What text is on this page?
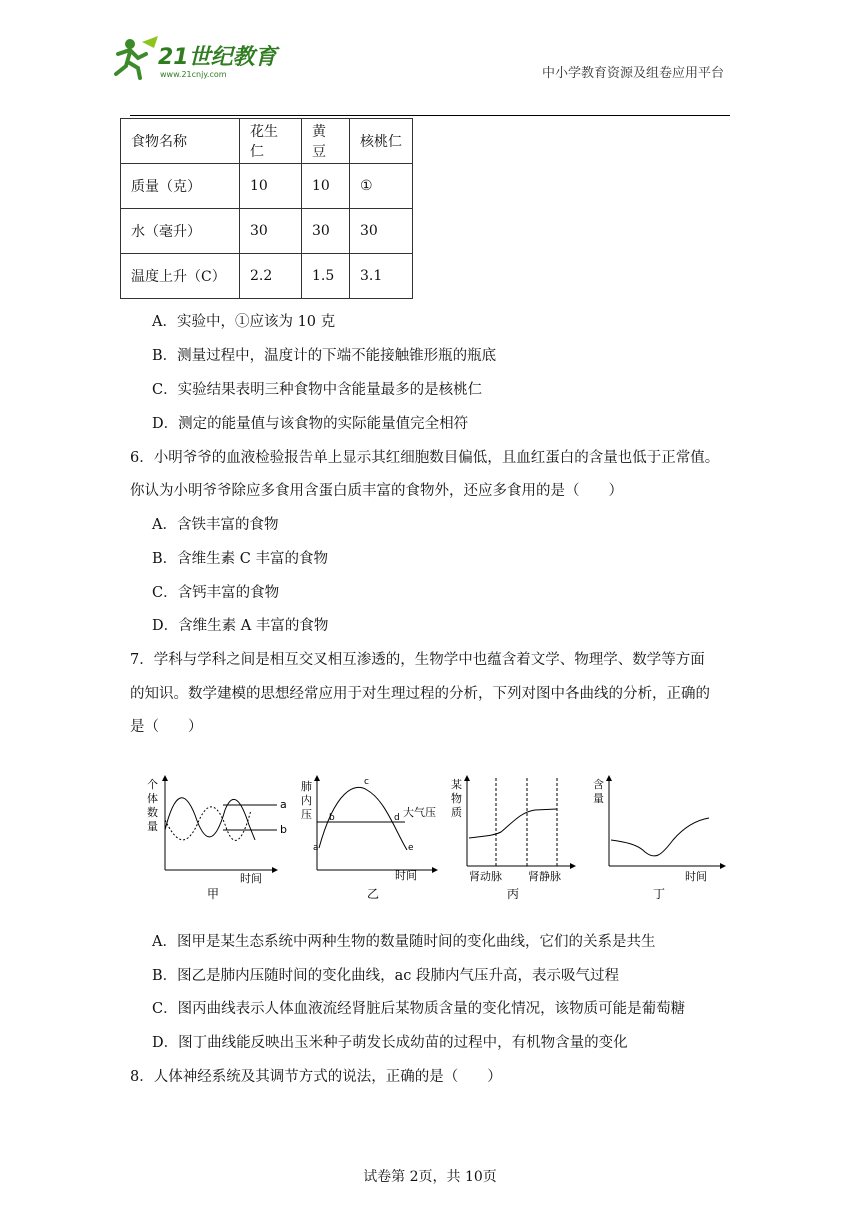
21世纪教育
www.21cnjy.com	中小学教育资源及组卷应用平台
食物名称	花生仁	黄豆	核桃仁
质量（克）	10	10	①
水（毫升）	30	30	30
温度上升（C）	2.2	1.5	3.1
A．实验中，①应该为 10 克
B．测量过程中，温度计的下端不能接触锥形瓶的瓶底
C．实验结果表明三种食物中含能量最多的是核桃仁
D．测定的能量值与该食物的实际能量值完全相符
6．小明爷爷的血液检验报告单上显示其红细胞数目偏低，且血红蛋白的含量也低于正常值。
你认为小明爷爷除应多食用含蛋白质丰富的食物外，还应多食用的是（　　）
A．含铁丰富的食物
B．含维生素 C 丰富的食物
C．含钙丰富的食物
D．含维生素 A 丰富的食物
7．学科与学科之间是相互交叉相互渗透的，生物学中也蕴含着文学、物理学、数学等方面
的知识。数学建模的思想经常应用于对生理过程的分析，下列对图中各曲线的分析，正确的
是（　　）
个
体
数
量
a
b
时间
甲
肺
内
压	大气压
a
b
c
d
e
时间
乙
某
物
质
肾动脉 肾静脉
丙
含
量
时间
丁
A．图甲是某生态系统中两种生物的数量随时间的变化曲线，它们的关系是共生
B．图乙是肺内压随时间的变化曲线，ac 段肺内气压升高，表示吸气过程
C．图丙曲线表示人体血液流经肾脏后某物质含量的变化情况，该物质可能是葡萄糖
D．图丁曲线能反映出玉米种子萌发长成幼苗的过程中，有机物含量的变化
8．人体神经系统及其调节方式的说法，正确的是（　　）
试卷第 2页，共 10页
